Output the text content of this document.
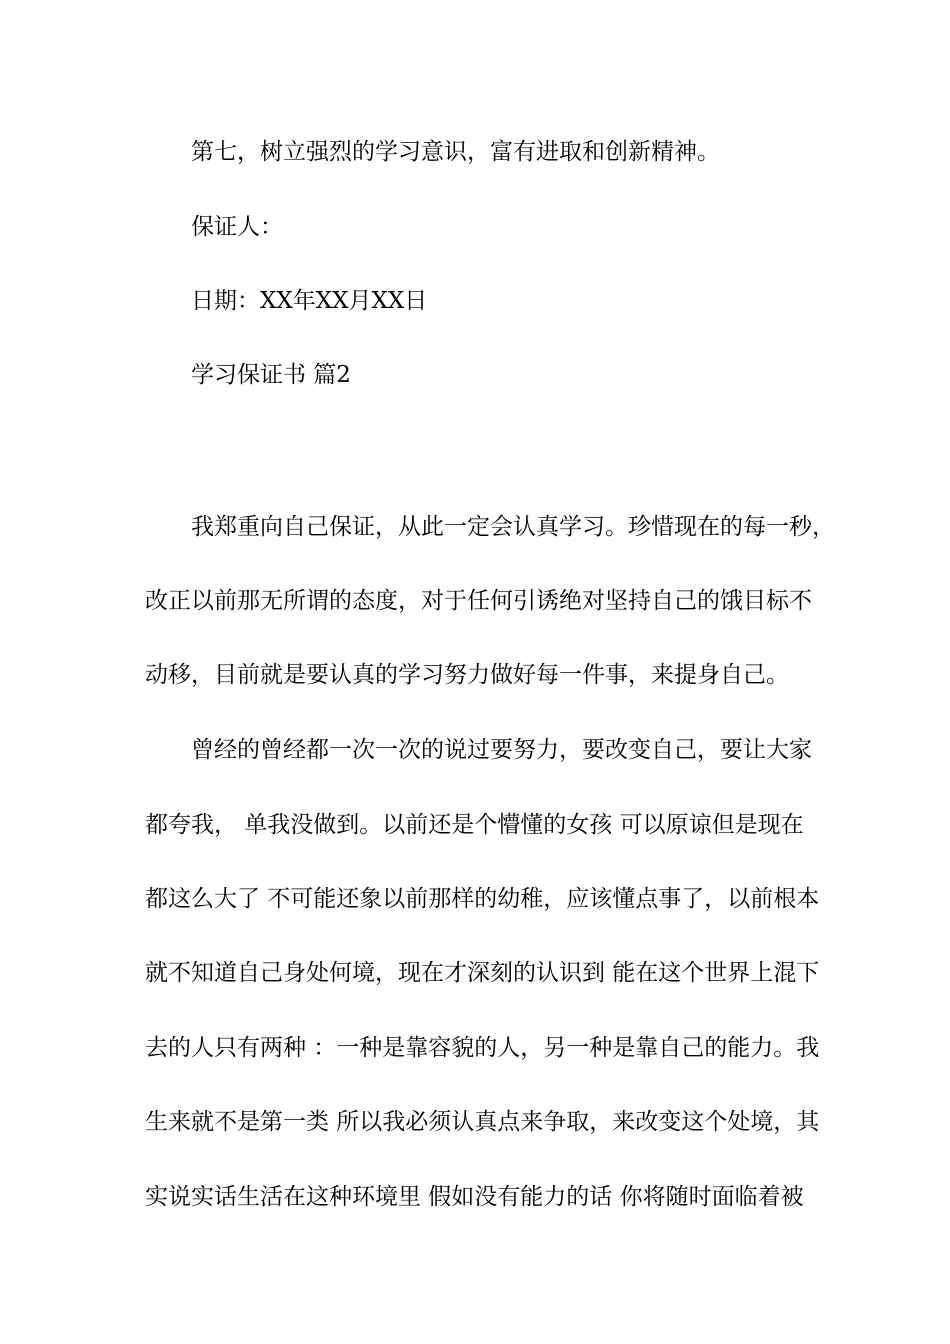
第七，树立强烈的学习意识，富有进取和创新精神。

保证人：

日期：XX年XX月XX日

学习保证书 篇2

我郑重向自己保证，从此一定会认真学习。珍惜现在的每一秒，

改正以前那无所谓的态度，对于任何引诱绝对坚持自己的饿目标不

动移，目前就是要认真的学习努力做好每一件事，来提身自己。

曾经的曾经都一次一次的说过要努力，要改变自己，要让大家

都夸我， 单我没做到。以前还是个懵懂的女孩 可以原谅但是现在

都这么大了 不可能还象以前那样的幼稚，应该懂点事了，以前根本

就不知道自己身处何境，现在才深刻的认识到 能在这个世界上混下

去的人只有两种 ：一种是靠容貌的人，另一种是靠自己的能力。我

生来就不是第一类 所以我必须认真点来争取，来改变这个处境，其

实说实话生活在这种环境里 假如没有能力的话 你将随时面临着被
